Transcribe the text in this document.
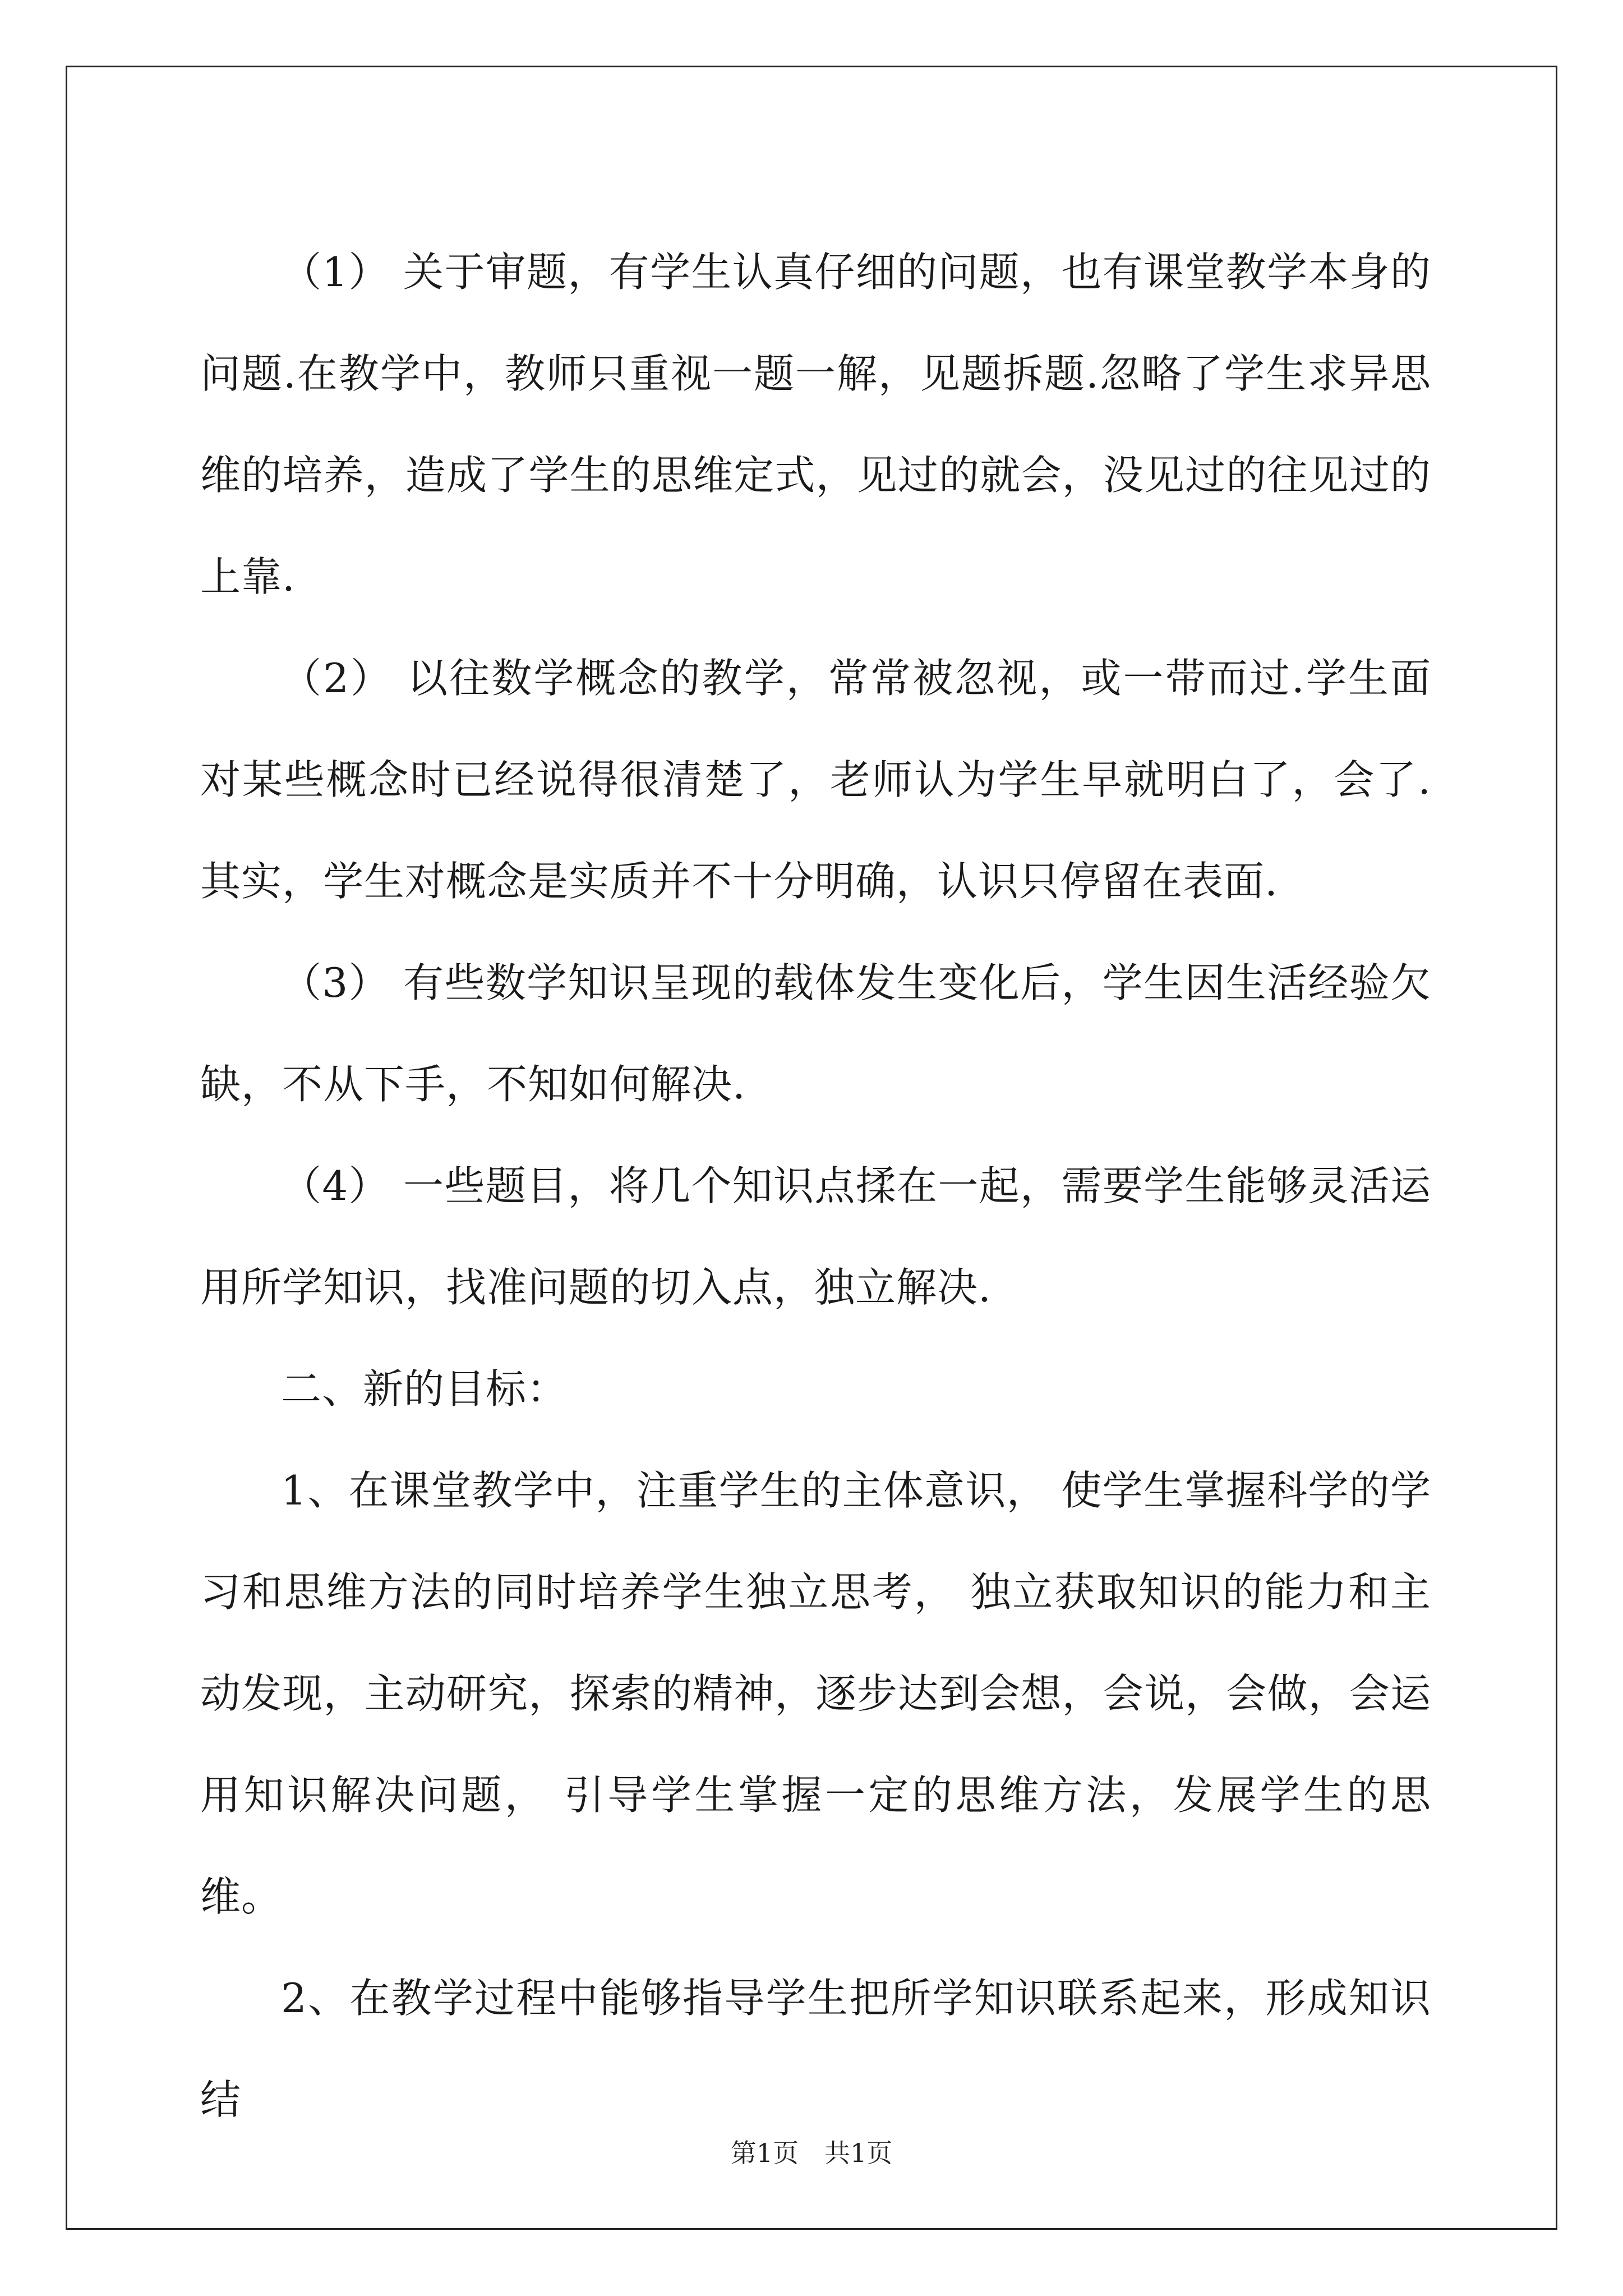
（1） 关于审题，有学生认真仔细的问题，也有课堂教学本身的问题.在教学中，教师只重视一题一解，见题拆题.忽略了学生求异思维的培养，造成了学生的思维定式，见过的就会，没见过的往见过的上靠.

（2） 以往数学概念的教学，常常被忽视，或一带而过.学生面对某些概念时已经说得很清楚了，老师认为学生早就明白了，会了.其实，学生对概念是实质并不十分明确，认识只停留在表面.

（3） 有些数学知识呈现的载体发生变化后，学生因生活经验欠缺，不从下手，不知如何解决.

（4） 一些题目，将几个知识点揉在一起，需要学生能够灵活运用所学知识，找准问题的切入点，独立解决.

二、新的目标：

1、在课堂教学中，注重学生的主体意识， 使学生掌握科学的学习和思维方法的同时培养学生独立思考， 独立获取知识的能力和主动发现，主动研究，探索的精神，逐步达到会想，会说，会做，会运用知识解决问题， 引导学生掌握一定的思维方法，发展学生的思维。

2、在教学过程中能够指导学生把所学知识联系起来，形成知识结

第1页　共1页
